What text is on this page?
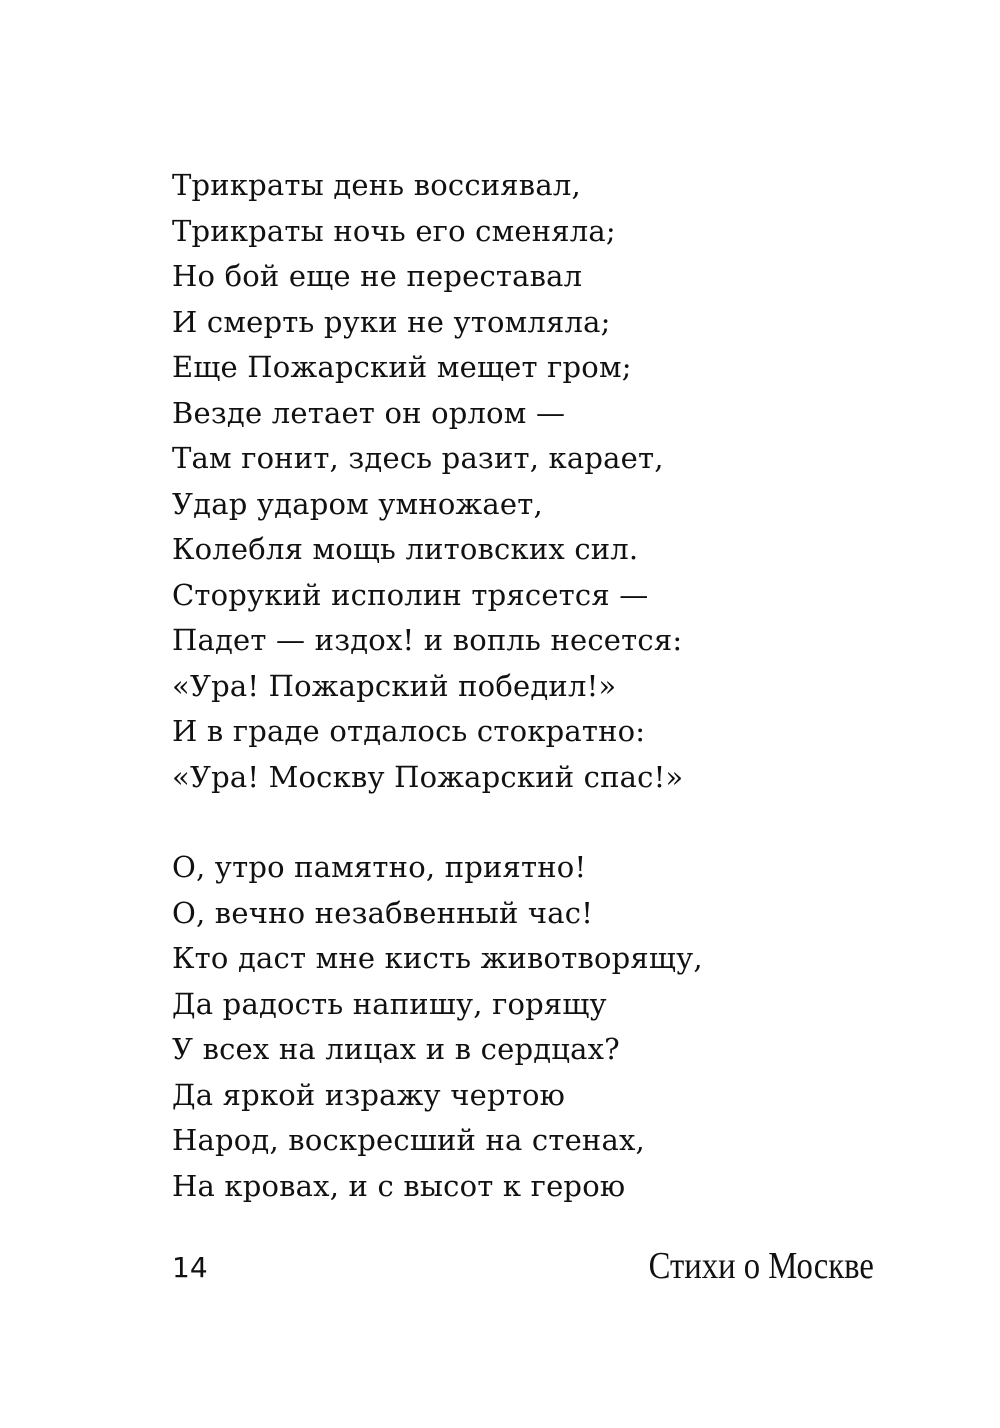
Трикраты день воссиявал,
Трикраты ночь его сменяла;
Но бой еще не переставал
И смерть руки не утомляла;
Еще Пожарский мещет гром;
Везде летает он орлом —
Там гонит, здесь разит, карает,
Удар ударом умножает,
Колебля мощь литовских сил.
Сторукий исполин трясется —
Падет — издох! и вопль несется:
«Ура! Пожарский победил!»
И в граде отдалось стократно:
«Ура! Москву Пожарский спас!»
О, утро памятно, приятно!
О, вечно незабвенный час!
Кто даст мне кисть животворящу,
Да радость напишу, горящу
У всех на лицах и в сердцах?
Да яркой изражу чертою
Народ, воскресший на стенах,
На кровах, и с высот к герою
14	Стихи о Москве
